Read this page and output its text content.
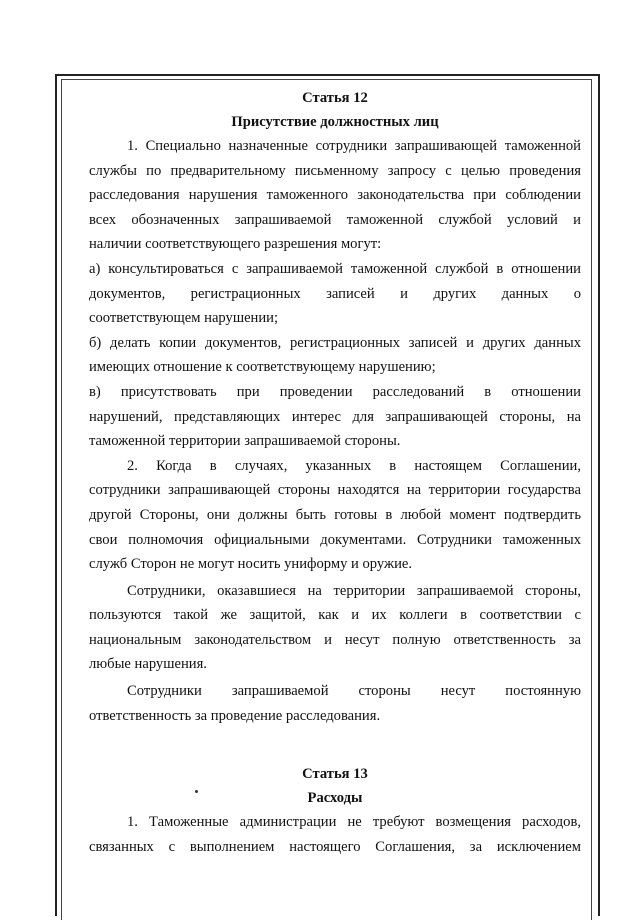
Статья 12
Присутствие должностных лиц
1. Специально назначенные сотрудники запрашивающей таможенной
службы по предварительному письменному запросу с целью проведения
расследования нарушения таможенного законодательства при соблюдении
всех обозначенных запрашиваемой таможенной службой условий и
наличии соответствующего разрешения могут:
а) консультироваться с запрашиваемой таможенной службой в отношении
документов, регистрационных записей и других данных о
соответствующем нарушении;
б) делать копии документов, регистрационных записей и других данных
имеющих отношение к соответствующему нарушению;
в) присутствовать при проведении расследований в отношении
нарушений, представляющих интерес для запрашивающей стороны, на
таможенной территории запрашиваемой стороны.
2. Когда в случаях, указанных в настоящем Соглашении,
сотрудники запрашивающей стороны находятся на территории государства
другой Стороны, они должны быть готовы в любой момент подтвердить
свои полномочия официальными документами. Сотрудники таможенных
служб Сторон не могут носить униформу и оружие.
Сотрудники, оказавшиеся на территории запрашиваемой стороны,
пользуются такой же защитой, как и их коллеги в соответствии с
национальным законодательством и несут полную ответственность за
любые нарушения.
Сотрудники запрашиваемой стороны несут постоянную
ответственность за проведение расследования.
Статья 13
Расходы
1. Таможенные администрации не требуют возмещения расходов,
связанных с выполнением настоящего Соглашения, за исключением
